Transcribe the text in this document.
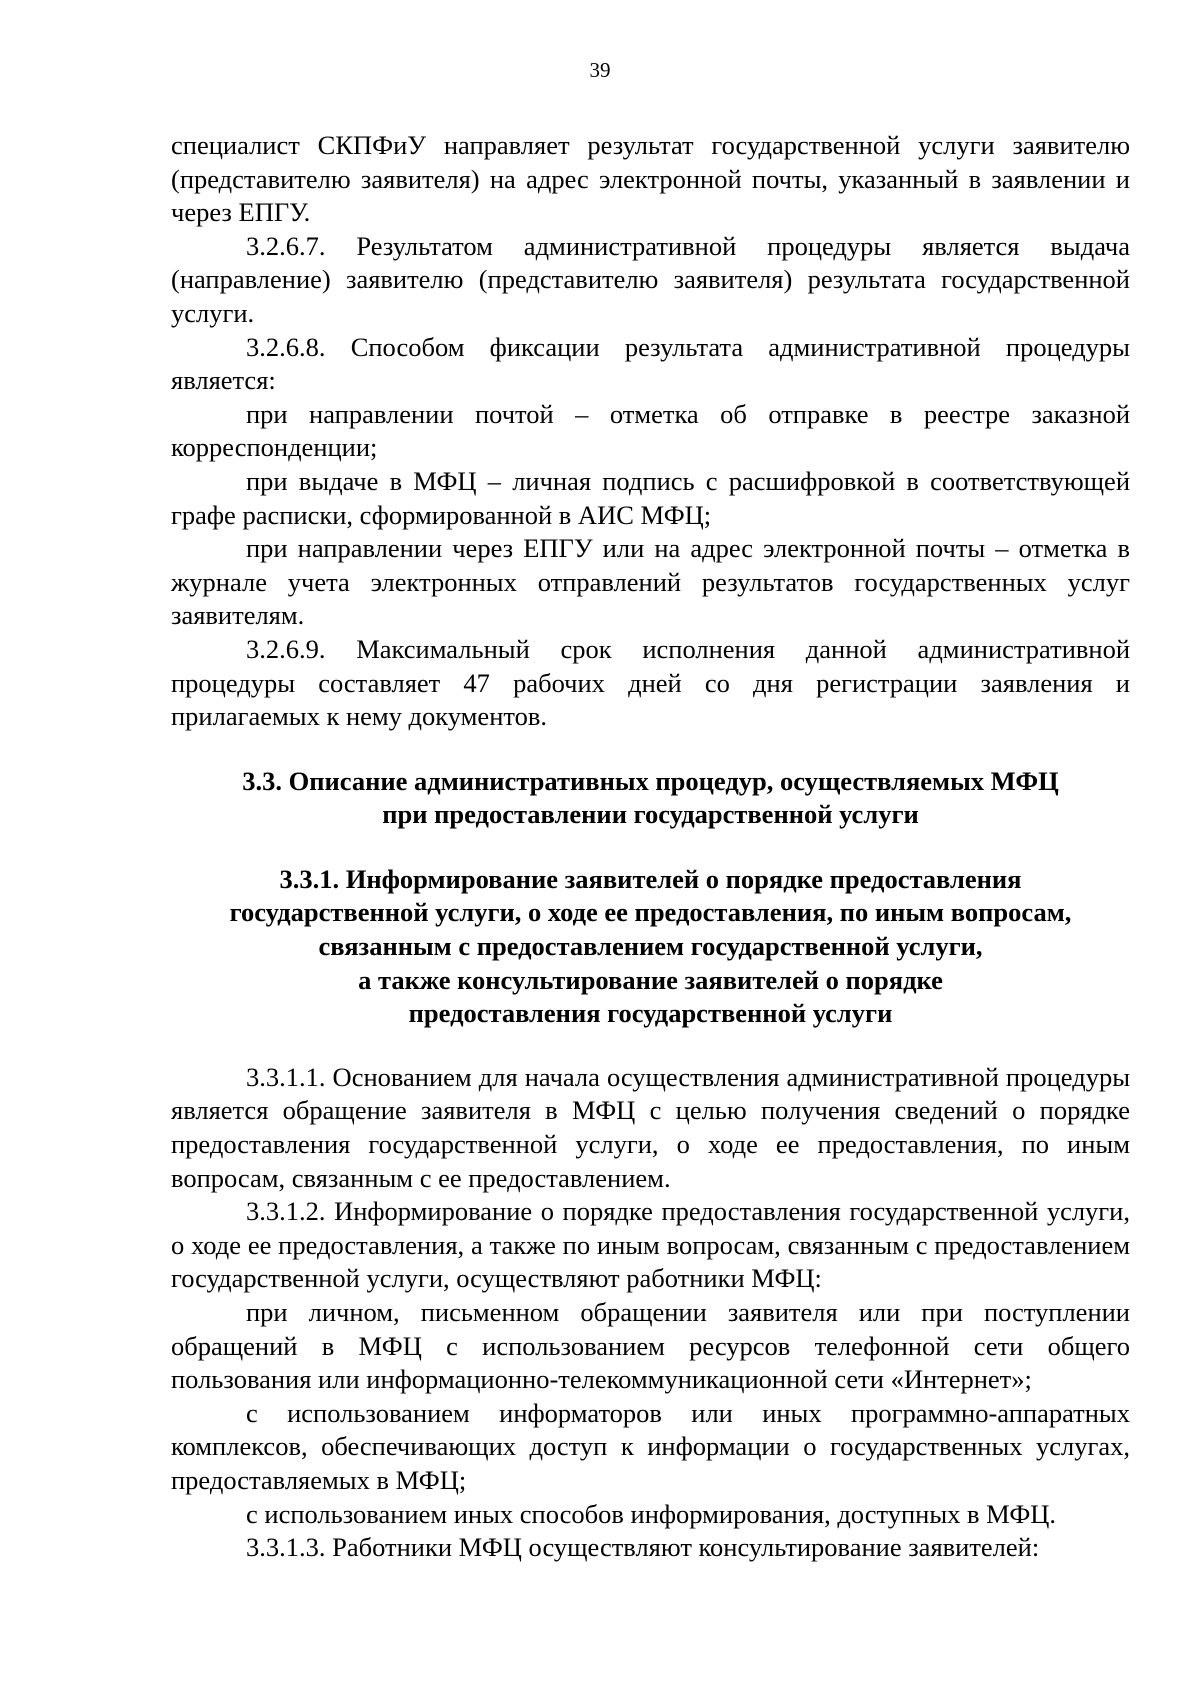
39

специалист СКПФиУ направляет результат государственной услуги заявителю (представителю заявителя) на адрес электронной почты, указанный в заявлении и через ЕПГУ.

3.2.6.7. Результатом административной процедуры является выдача (направление) заявителю (представителю заявителя) результата государственной услуги.

3.2.6.8. Способом фиксации результата административной процедуры является:

при направлении почтой – отметка об отправке в реестре заказной корреспонденции;

при выдаче в МФЦ – личная подпись с расшифровкой в соответствующей графе расписки, сформированной в АИС МФЦ;

при направлении через ЕПГУ или на адрес электронной почты – отметка в журнале учета электронных отправлений результатов государственных услуг заявителям.

3.2.6.9. Максимальный срок исполнения данной административной процедуры составляет 47 рабочих дней со дня регистрации заявления и прилагаемых к нему документов.

3.3. Описание административных процедур, осуществляемых МФЦ
при предоставлении государственной услуги
3.3.1. Информирование заявителей о порядке предоставления
государственной услуги, о ходе ее предоставления, по иным вопросам,
связанным с предоставлением государственной услуги,
а также консультирование заявителей о порядке
предоставления государственной услуги

3.3.1.1. Основанием для начала осуществления административной процедуры является обращение заявителя в МФЦ с целью получения сведений о порядке предоставления государственной услуги, о ходе ее предоставления, по иным вопросам, связанным с ее предоставлением.

3.3.1.2. Информирование о порядке предоставления государственной услуги, о ходе ее предоставления, а также по иным вопросам, связанным с предоставлением государственной услуги, осуществляют работники МФЦ:

при личном, письменном обращении заявителя или при поступлении обращений в МФЦ с использованием ресурсов телефонной сети общего пользования или информационно-телекоммуникационной сети «Интернет»;

с использованием информаторов или иных программно-аппаратных комплексов, обеспечивающих доступ к информации о государственных услугах, предоставляемых в МФЦ;

с использованием иных способов информирования, доступных в МФЦ.

3.3.1.3. Работники МФЦ осуществляют консультирование заявителей:
